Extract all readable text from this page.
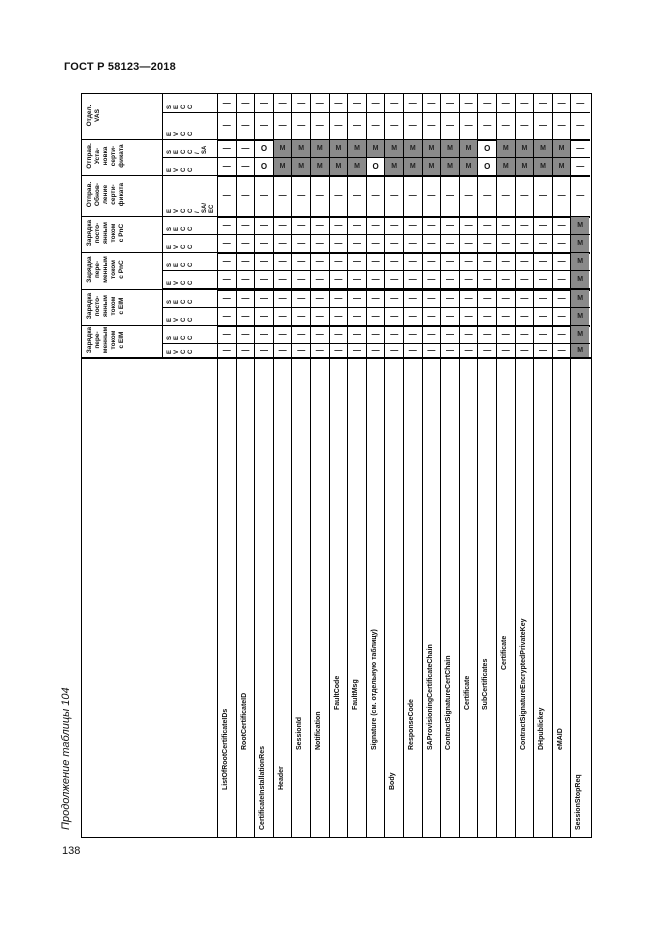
ГОСТ Р 58123—2018
Продолжение таблицы 104
138
Зарядка
пере-
менным
током
с EIM
E
V
C
C
S
E
C
C
Зарядка
посто-
янным
током
с EIM
E
V
C
C
S
E
C
C
Зарядка
пере-
менным
током
с PnC
E
V
C
C
S
E
C
C
Зарядка
посто-
янным
током
с PnC
E
V
C
C
S
E
C
C
Отправ.
Обнов-
ление
серти-
фиката
E
V
C
C
/
SA/
EC
Отправ.
Уста-
новка
серти-
фиката
E
V
C
C
S
E
C
C
/
SA
Отдел.
VAS
E
V
C
C
S
E
C
C
ListOfRootCertificateIDs
—
—
—
—
—
—
—
—
—
—
—
—
—
RootCertificateID
—
—
—
—
—
—
—
—
—
—
—
—
—
CertificateInstallationRes
—
—
—
—
—
—
—
—
—
O
O
—
—
Header
—
—
—
—
—
—
—
—
—
M
M
—
—
SessionId
—
—
—
—
—
—
—
—
—
M
M
—
—
Notification
—
—
—
—
—
—
—
—
—
M
M
—
—
FaultCode
—
—
—
—
—
—
—
—
—
M
M
—
—
FaultMsg
—
—
—
—
—
—
—
—
—
M
M
—
—
Signature (см. отдельную таблицу)
—
—
—
—
—
—
—
—
—
O
M
—
—
Body
—
—
—
—
—
—
—
—
—
M
M
—
—
ResponseCode
—
—
—
—
—
—
—
—
—
M
M
—
—
SAProvisioningCertificateChain
—
—
—
—
—
—
—
—
—
M
M
—
—
ContractSignatureCertChain
—
—
—
—
—
—
—
—
—
M
M
—
—
Certificate
—
—
—
—
—
—
—
—
—
M
M
—
—
SubCertificates
—
—
—
—
—
—
—
—
—
O
O
—
—
Certificate
—
—
—
—
—
—
—
—
—
M
M
—
—
ContractSignatureEncryptedPrivateKey
—
—
—
—
—
—
—
—
—
M
M
—
—
DHpublickey
—
—
—
—
—
—
—
—
—
M
M
—
—
eMAID
—
—
—
—
—
—
—
—
—
M
M
—
—
SessionStopReq
M
M
M
M
M
M
M
M
—
—
—
—
—
